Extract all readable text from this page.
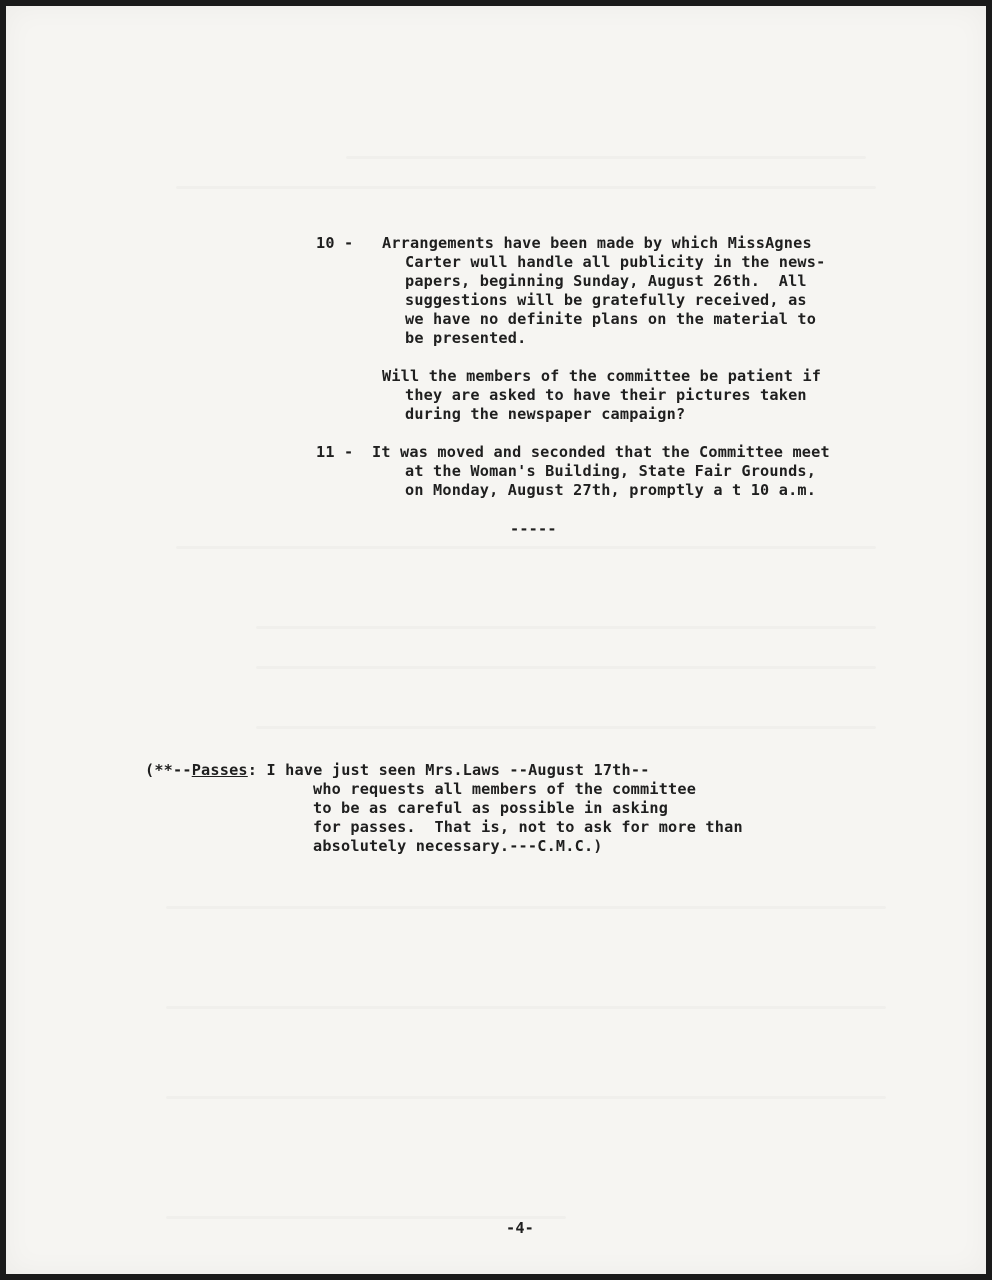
10 - Arrangements have been made by which MissAgnes
Carter wull handle all publicity in the news-
papers, beginning Sunday, August 26th.  All
suggestions will be gratefully received, as
we have no definite plans on the material to
be presented.
Will the members of the committee be patient if
they are asked to have their pictures taken
during the newspaper campaign?
11 - It was moved and seconded that the Committee meet
at the Woman's Building, State Fair Grounds,
on Monday, August 27th, promptly a t 10 a.m.
-----
(**--Passes: I have just seen Mrs.Laws --August 17th--
who requests all members of the committee
to be as careful as possible in asking
for passes.  That is, not to ask for more than
absolutely necessary.---C.M.C.)
-4-
